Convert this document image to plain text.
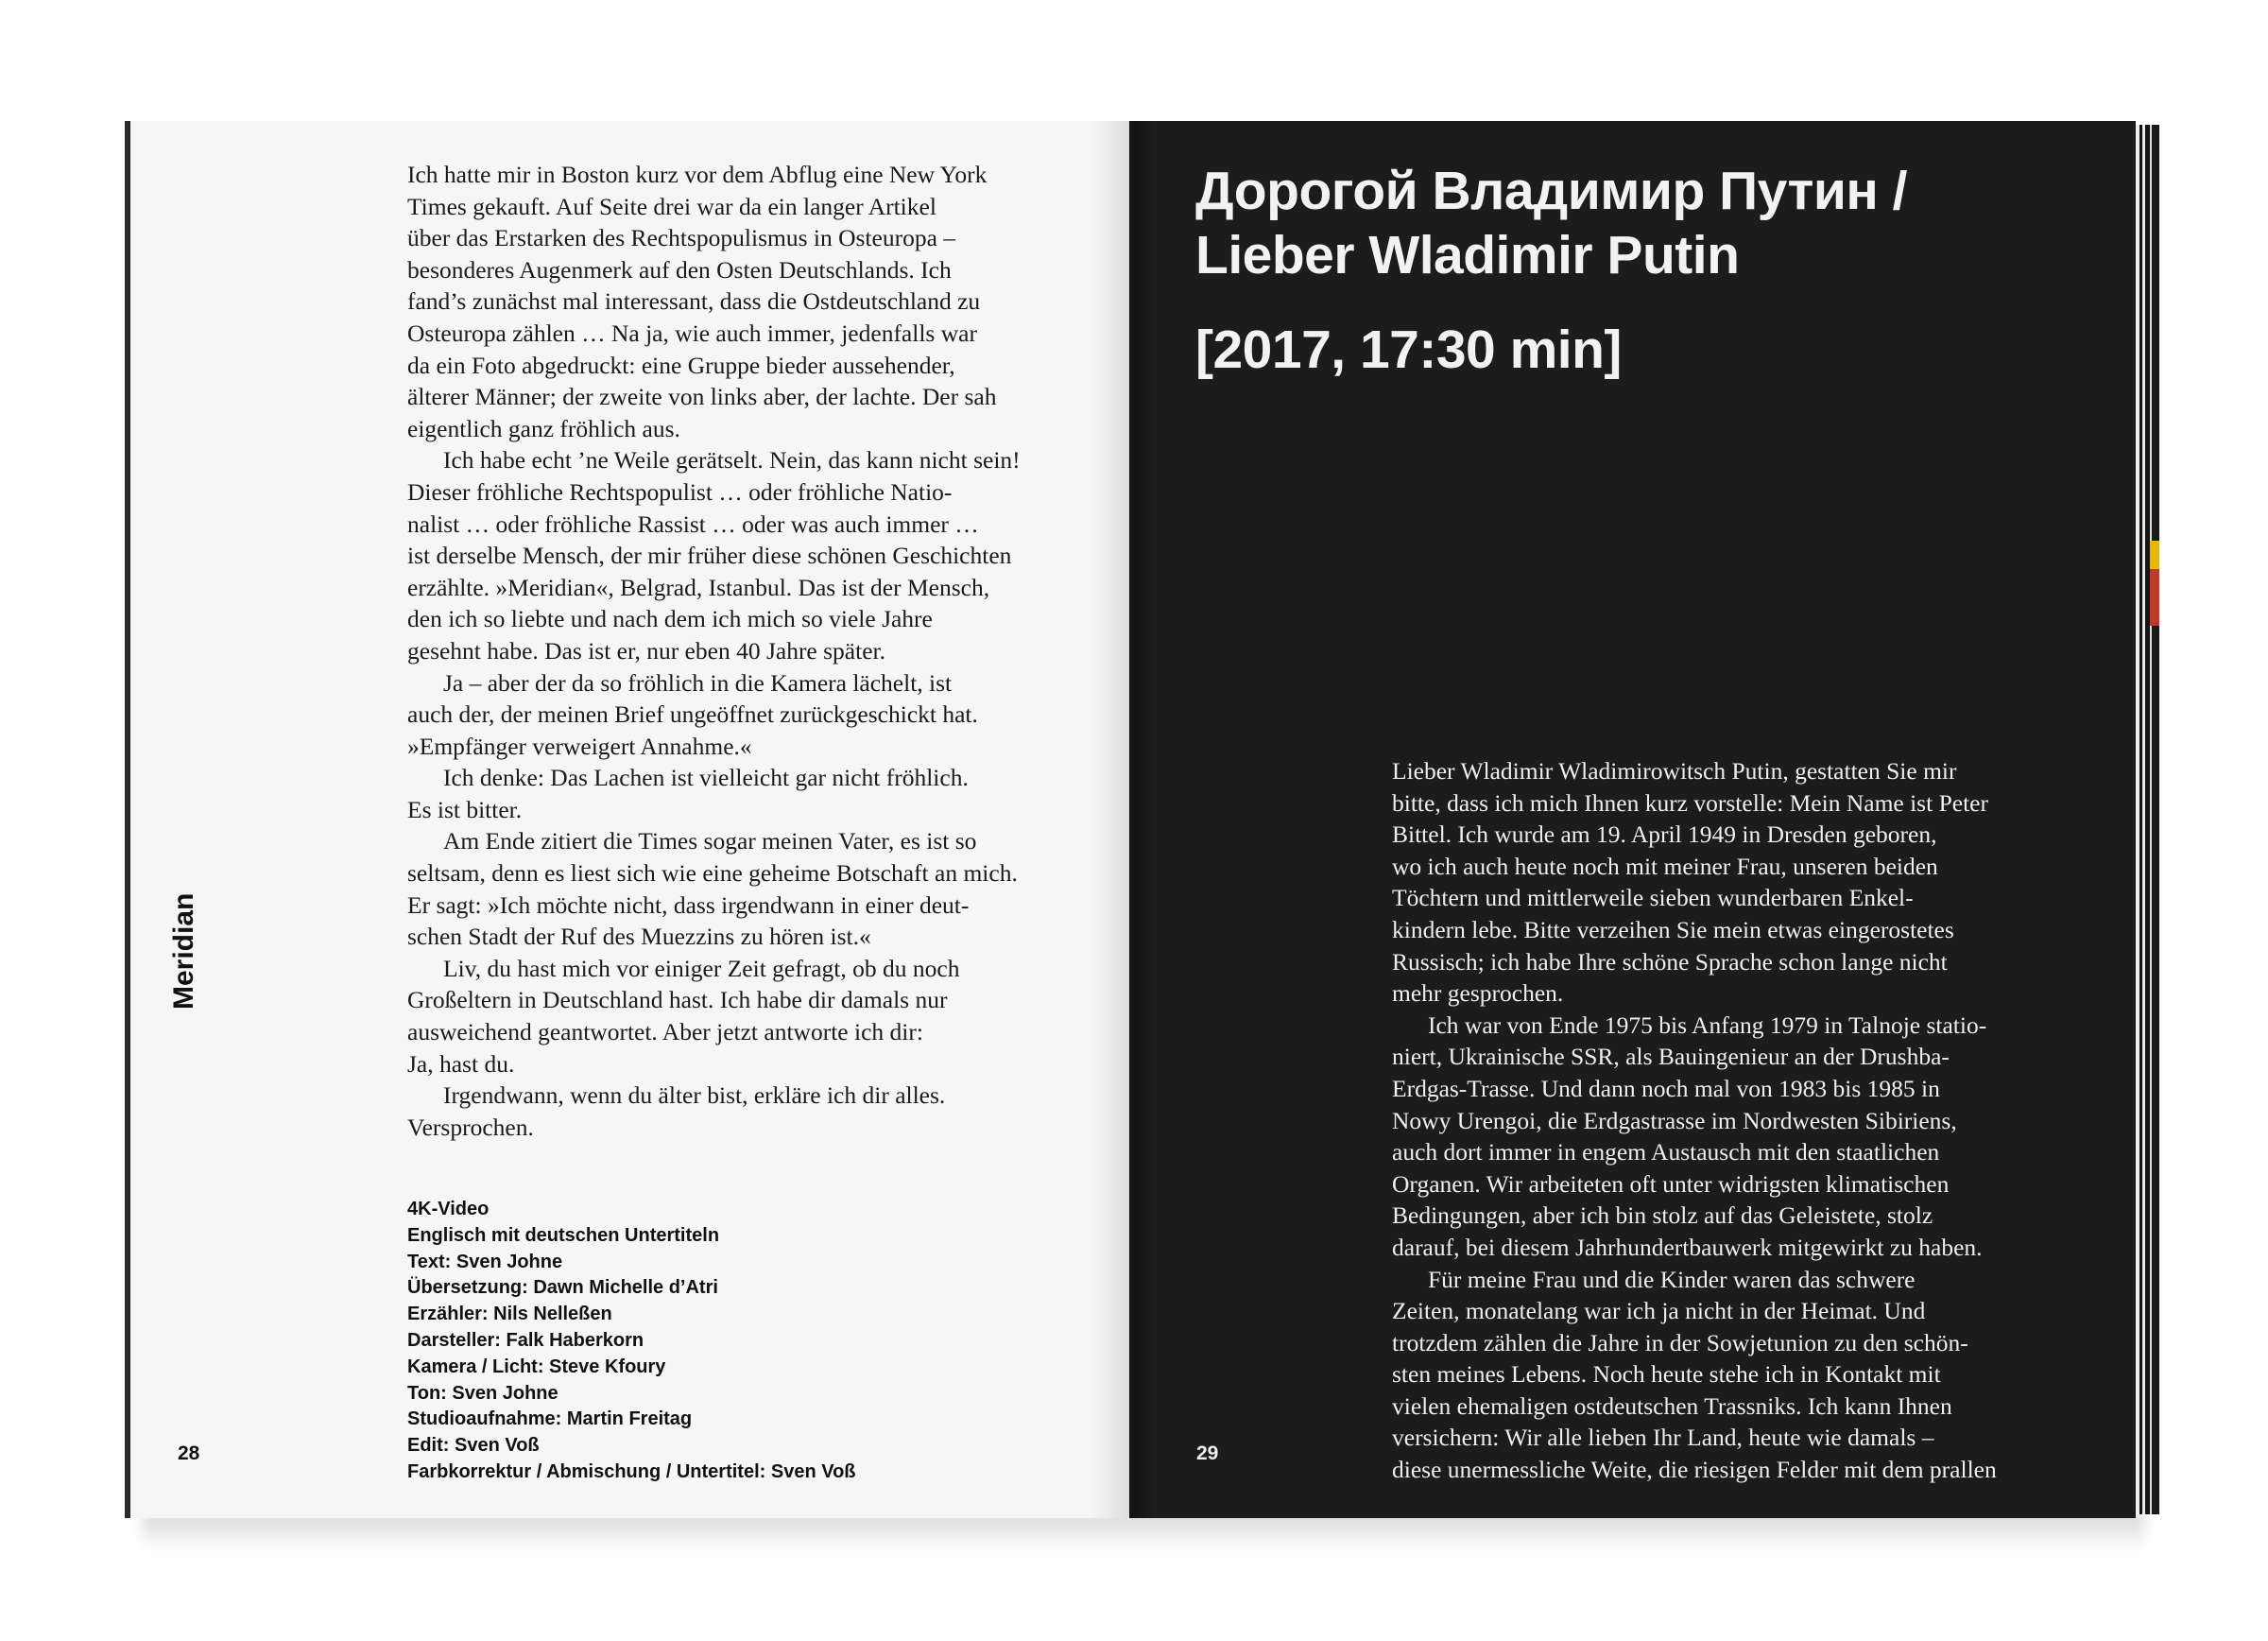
Meridian
Ich hatte mir in Boston kurz vor dem Abflug eine New York
Times gekauft. Auf Seite drei war da ein langer Artikel
über das Erstarken des Rechtspopulismus in Osteuropa –
besonderes Augenmerk auf den Osten Deutschlands. Ich
fand’s zunächst mal interessant, dass die Ostdeutschland zu
Osteuropa zählen … Na ja, wie auch immer, jedenfalls war
da ein Foto abgedruckt: eine Gruppe bieder aussehender,
älterer Männer; der zweite von links aber, der lachte. Der sah
eigentlich ganz fröhlich aus.
Ich habe echt ’ne Weile gerätselt. Nein, das kann nicht sein!
Dieser fröhliche Rechtspopulist … oder fröhliche Natio-
nalist … oder fröhliche Rassist … oder was auch immer …
ist derselbe Mensch, der mir früher diese schönen Geschichten
erzählte. »Meridian«, Belgrad, Istanbul. Das ist der Mensch,
den ich so liebte und nach dem ich mich so viele Jahre
gesehnt habe. Das ist er, nur eben 40 Jahre später.
Ja – aber der da so fröhlich in die Kamera lächelt, ist
auch der, der meinen Brief ungeöffnet zurückgeschickt hat.
»Empfänger verweigert Annahme.«
Ich denke: Das Lachen ist vielleicht gar nicht fröhlich.
Es ist bitter.
Am Ende zitiert die Times sogar meinen Vater, es ist so
seltsam, denn es liest sich wie eine geheime Botschaft an mich.
Er sagt: »Ich möchte nicht, dass irgendwann in einer deut-
schen Stadt der Ruf des Muezzins zu hören ist.«
Liv, du hast mich vor einiger Zeit gefragt, ob du noch
Großeltern in Deutschland hast. Ich habe dir damals nur
ausweichend geantwortet. Aber jetzt antworte ich dir:
Ja, hast du.
Irgendwann, wenn du älter bist, erkläre ich dir alles.
Versprochen.
4K-Video
Englisch mit deutschen Untertiteln
Text: Sven Johne
Übersetzung: Dawn Michelle d’Atri
Erzähler: Nils Nelleßen
Darsteller: Falk Haberkorn
Kamera / Licht: Steve Kfoury
Ton: Sven Johne
Studioaufnahme: Martin Freitag
Edit: Sven Voß
Farbkorrektur / Abmischung / Untertitel: Sven Voß
28
Дорогой Владимир Путин /
Lieber Wladimir Putin
[2017, 17:30 min]
Lieber Wladimir Wladimirowitsch Putin, gestatten Sie mir
bitte, dass ich mich Ihnen kurz vorstelle: Mein Name ist Peter
Bittel. Ich wurde am 19. April 1949 in Dresden geboren,
wo ich auch heute noch mit meiner Frau, unseren beiden
Töchtern und mittlerweile sieben wunderbaren Enkel-
kindern lebe. Bitte verzeihen Sie mein etwas eingerostetes
Russisch; ich habe Ihre schöne Sprache schon lange nicht
mehr gesprochen.
Ich war von Ende 1975 bis Anfang 1979 in Talnoje statio-
niert, Ukrainische SSR, als Bauingenieur an der Drushba-
Erdgas-Trasse. Und dann noch mal von 1983 bis 1985 in
Nowy Urengoi, die Erdgastrasse im Nordwesten Sibiriens,
auch dort immer in engem Austausch mit den staatlichen
Organen. Wir arbeiteten oft unter widrigsten klimatischen
Bedingungen, aber ich bin stolz auf das Geleistete, stolz
darauf, bei diesem Jahrhundertbauwerk mitgewirkt zu haben.
Für meine Frau und die Kinder waren das schwere
Zeiten, monatelang war ich ja nicht in der Heimat. Und
trotzdem zählen die Jahre in der Sowjetunion zu den schön-
sten meines Lebens. Noch heute stehe ich in Kontakt mit
vielen ehemaligen ostdeutschen Trassniks. Ich kann Ihnen
versichern: Wir alle lieben Ihr Land, heute wie damals –
diese unermessliche Weite, die riesigen Felder mit dem prallen
29
